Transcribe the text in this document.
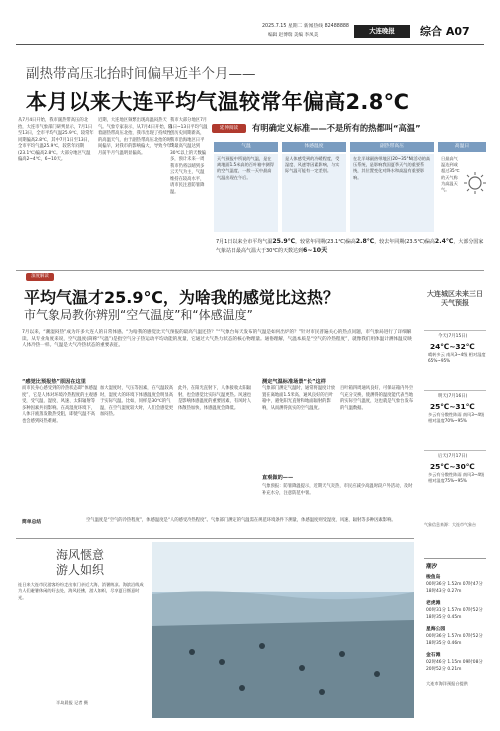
2025.7.15 星期二 新闻热线 82488888
编辑 赵博瑞 美编 李凤美
大连晚报	综合 A07
副热带高压北抬时间偏早近半个月——
本月以来大连平均气温较常年偏高2.8℃
从7月4日开始，我市副热带高压的北抬，大连市气象部门研判显示，7月1日至13日，全市平均气温25.9℃，较常年同期偏高2.8℃，其中7月1日至13日，全市平均气温25.9℃，较常年同期(23.1℃)偏高2.8℃。大部分地区气温偏高2~4℃，6~10天。
近期，大连地区频繁出现高温闷热天气。气象专家表示，从7月4日开始，随着副热带高压北抬，我市出现了持续性的高温天气，由于副热带高压北抬的时间偏早，对我市的影响偏大，导致今年7月前半月气温明显偏高。
我市大部分地区7月1日~13日平均气温创历史同期新高，我市沿海地区日平均最高气温达到30℃以上的天数偏多，预计未来一周我市仍将以晴到多云天气为主，气温维持在较高水平，请市民注意防暑降温。
延伸阅读	有明确定义标准——不是所有的热都叫“高温”
气温	体感温度	副热带高压	高温日
天气预报中所说的气温，是在离地面1.5米高的百叶箱中测得的空气温度，一般一天中最高气温出现在午后。
是人体感受到的冷暖程度，受湿度、风速等因素影响，与实际气温可能有一定差别。
在北半球副热带地区(20~35°N)活动的高压系统，是影响我国夏季天气的重要系统，其位置变化对降水和高温有重要影响。
日最高气温达到或超过35℃的天气称为高温天气。
7月1日以来全市平均气温25.9℃，较常年同期(23.1℃)偏高2.8℃，较去年同期(23.5℃)偏高2.4℃，大部分国家气象站日最高气温大于30℃的天数达到6~10天
深度解读
平均气温才25.9℃，为啥我的感觉比这热？
市气象局教你辨别“空气温度”和“体感温度”
7月以来，“潮湿闷热”成为许多大连人的日常体感。“为啥我的感觉比天气预报的最高气温还热？”“气象台每天发布的气温是如何出炉的？”针对市民普遍关心的热点问题，市气象局进行了详细解读。从专业角度来说，空气温度(简称“气温”)是指空气分子热运动平均动能的度量，它通过大气热力状态的核心物理量。通俗理解，气温本质是“空气的冷热程度”，就像我们用体温计测体温反映人体冷热一样。气温是大气冷热状态的重要表征。
“感觉比预报热”原因在这里	测定气温标准场景“长”这样
直观做的——
而市民身心感受到的冷热状态即“体感温度”，它是人体对环境冷热程度的主观感受，受气温、湿度、风速、太阳辐射等多种因素共同影响。在高湿度环境下，人体汗液蒸发散热受阻，即使气温不高也会感到闷热难耐。
加大湿度时，气压等因素，在气温较高时，湿度大的环境下体感温度会明显高于实际气温。比如，同样是30℃的气温，在空气湿度较大时，人们会感觉更加闷热。
此外，在阳光直射下，人体接收太阳辐射，也会感觉比实际气温更热。风速也是影响体感温度的重要因素，有风时人体散热加快，体感温度会降低。
气象部门测定气温时，通常将温度计放置在离地面1.5米高、通风良好的百叶箱中，避免阳光直射和地面辐射的影响，从而测得真实的空气温度。
百叶箱四周通风良好，可保证箱内外空气充分交换，使测得的温度能代表当地的实际空气温度，这也就是气象台发布的气温数据。
气象预报：防暑降温提示，近期天气炎热，市民应减少高温时段户外活动，及时补充水分，注意防范中暑。
简单总结	空气温度是“空气的冷热程度”，体感温度是“人的感受冷热程度”。气象部门测定的气温需在规范环境条件下测量，体感温度则受湿度、风速、辐射等多种因素影响。
大连城区未来三日天气预报
今天(7月15日)
24℃~32℃
晴转多云 南风3~4级 相对湿度65%~95%
明天(7月16日)
25℃~31℃
多云有分散性阵雨 南风3~4级 相对湿度70%~95%
后天(7月17日)
25℃~30℃
多云有分散性阵雨 南风3~4级 相对湿度75%~95%
气象信息来源：大连市气象台
海风惬意
游人如织
连日来大连市民游客纷纷走出家门亲近大海，消暑纳凉。海滨沿线成为人们避暑休闲的好去处，海风轻拂，游人如织，尽享夏日惬意时光。
半岛晨报 记者 摄
潮汐
梭鱼岛
00时36分 1.52m 07时47分
18时43分 0.27m
老虎滩
00时31分 1.57m 07时52分
18时35分 0.45m
星海公园
00时36分 1.57m 07时52分
18时35分 0.46m
金石滩
02时46分 1.15m 09时08分
20时52分 0.21m
大连市海洋预报台提供
